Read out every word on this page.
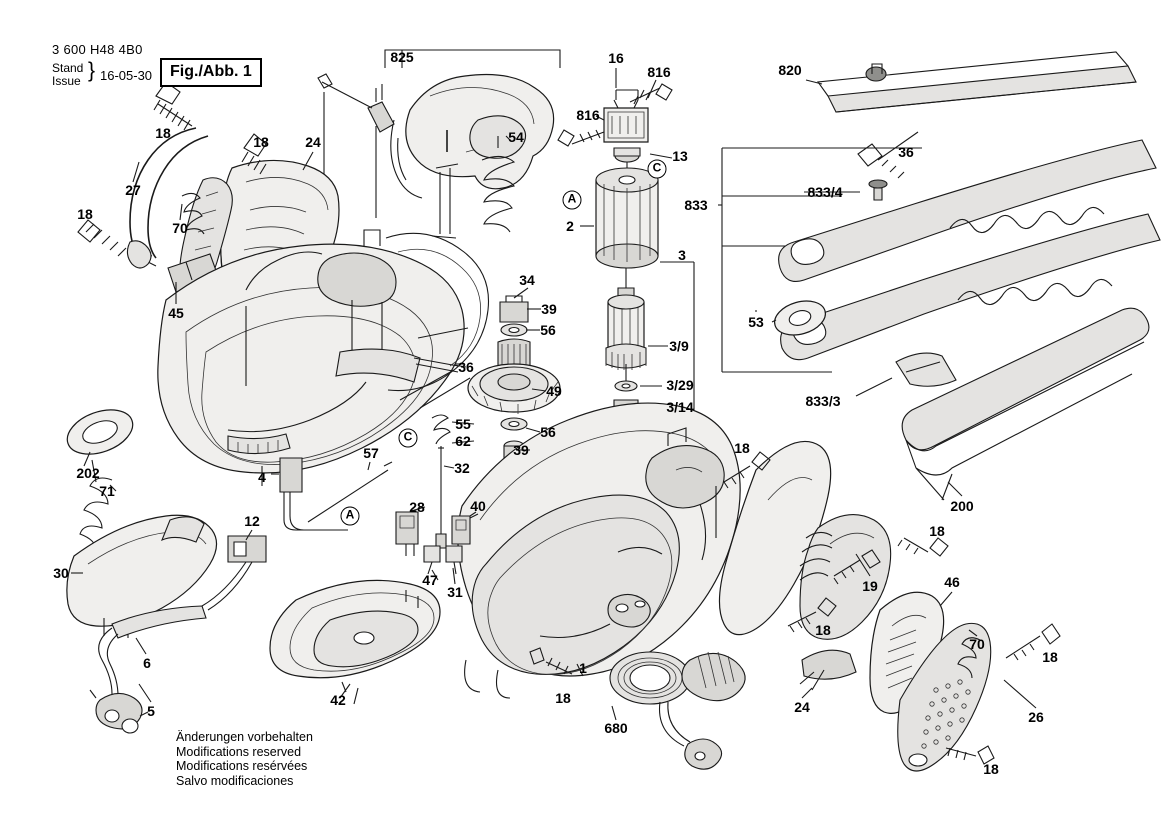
3 600 H48 4B0
Stand
Issue } 16-05-30	Fig./Abb. 1
Änderungen vorbehalten
Modifications reserved
Modifications resérvées
Salvo modificaciones
825	16
816
816
820
18
18	24	54
13	36
27
70
18
2
833/4
833
3
45
34
39
56
3/9
53
36
49	3/29
3/14	833/3
55
62
56
39
202
71
4
57
32
28	40
18
200
12
30	47
31
18
19	46
18
70
18
6	1
18
24
26
42
680
5
18
A
C
C
A
